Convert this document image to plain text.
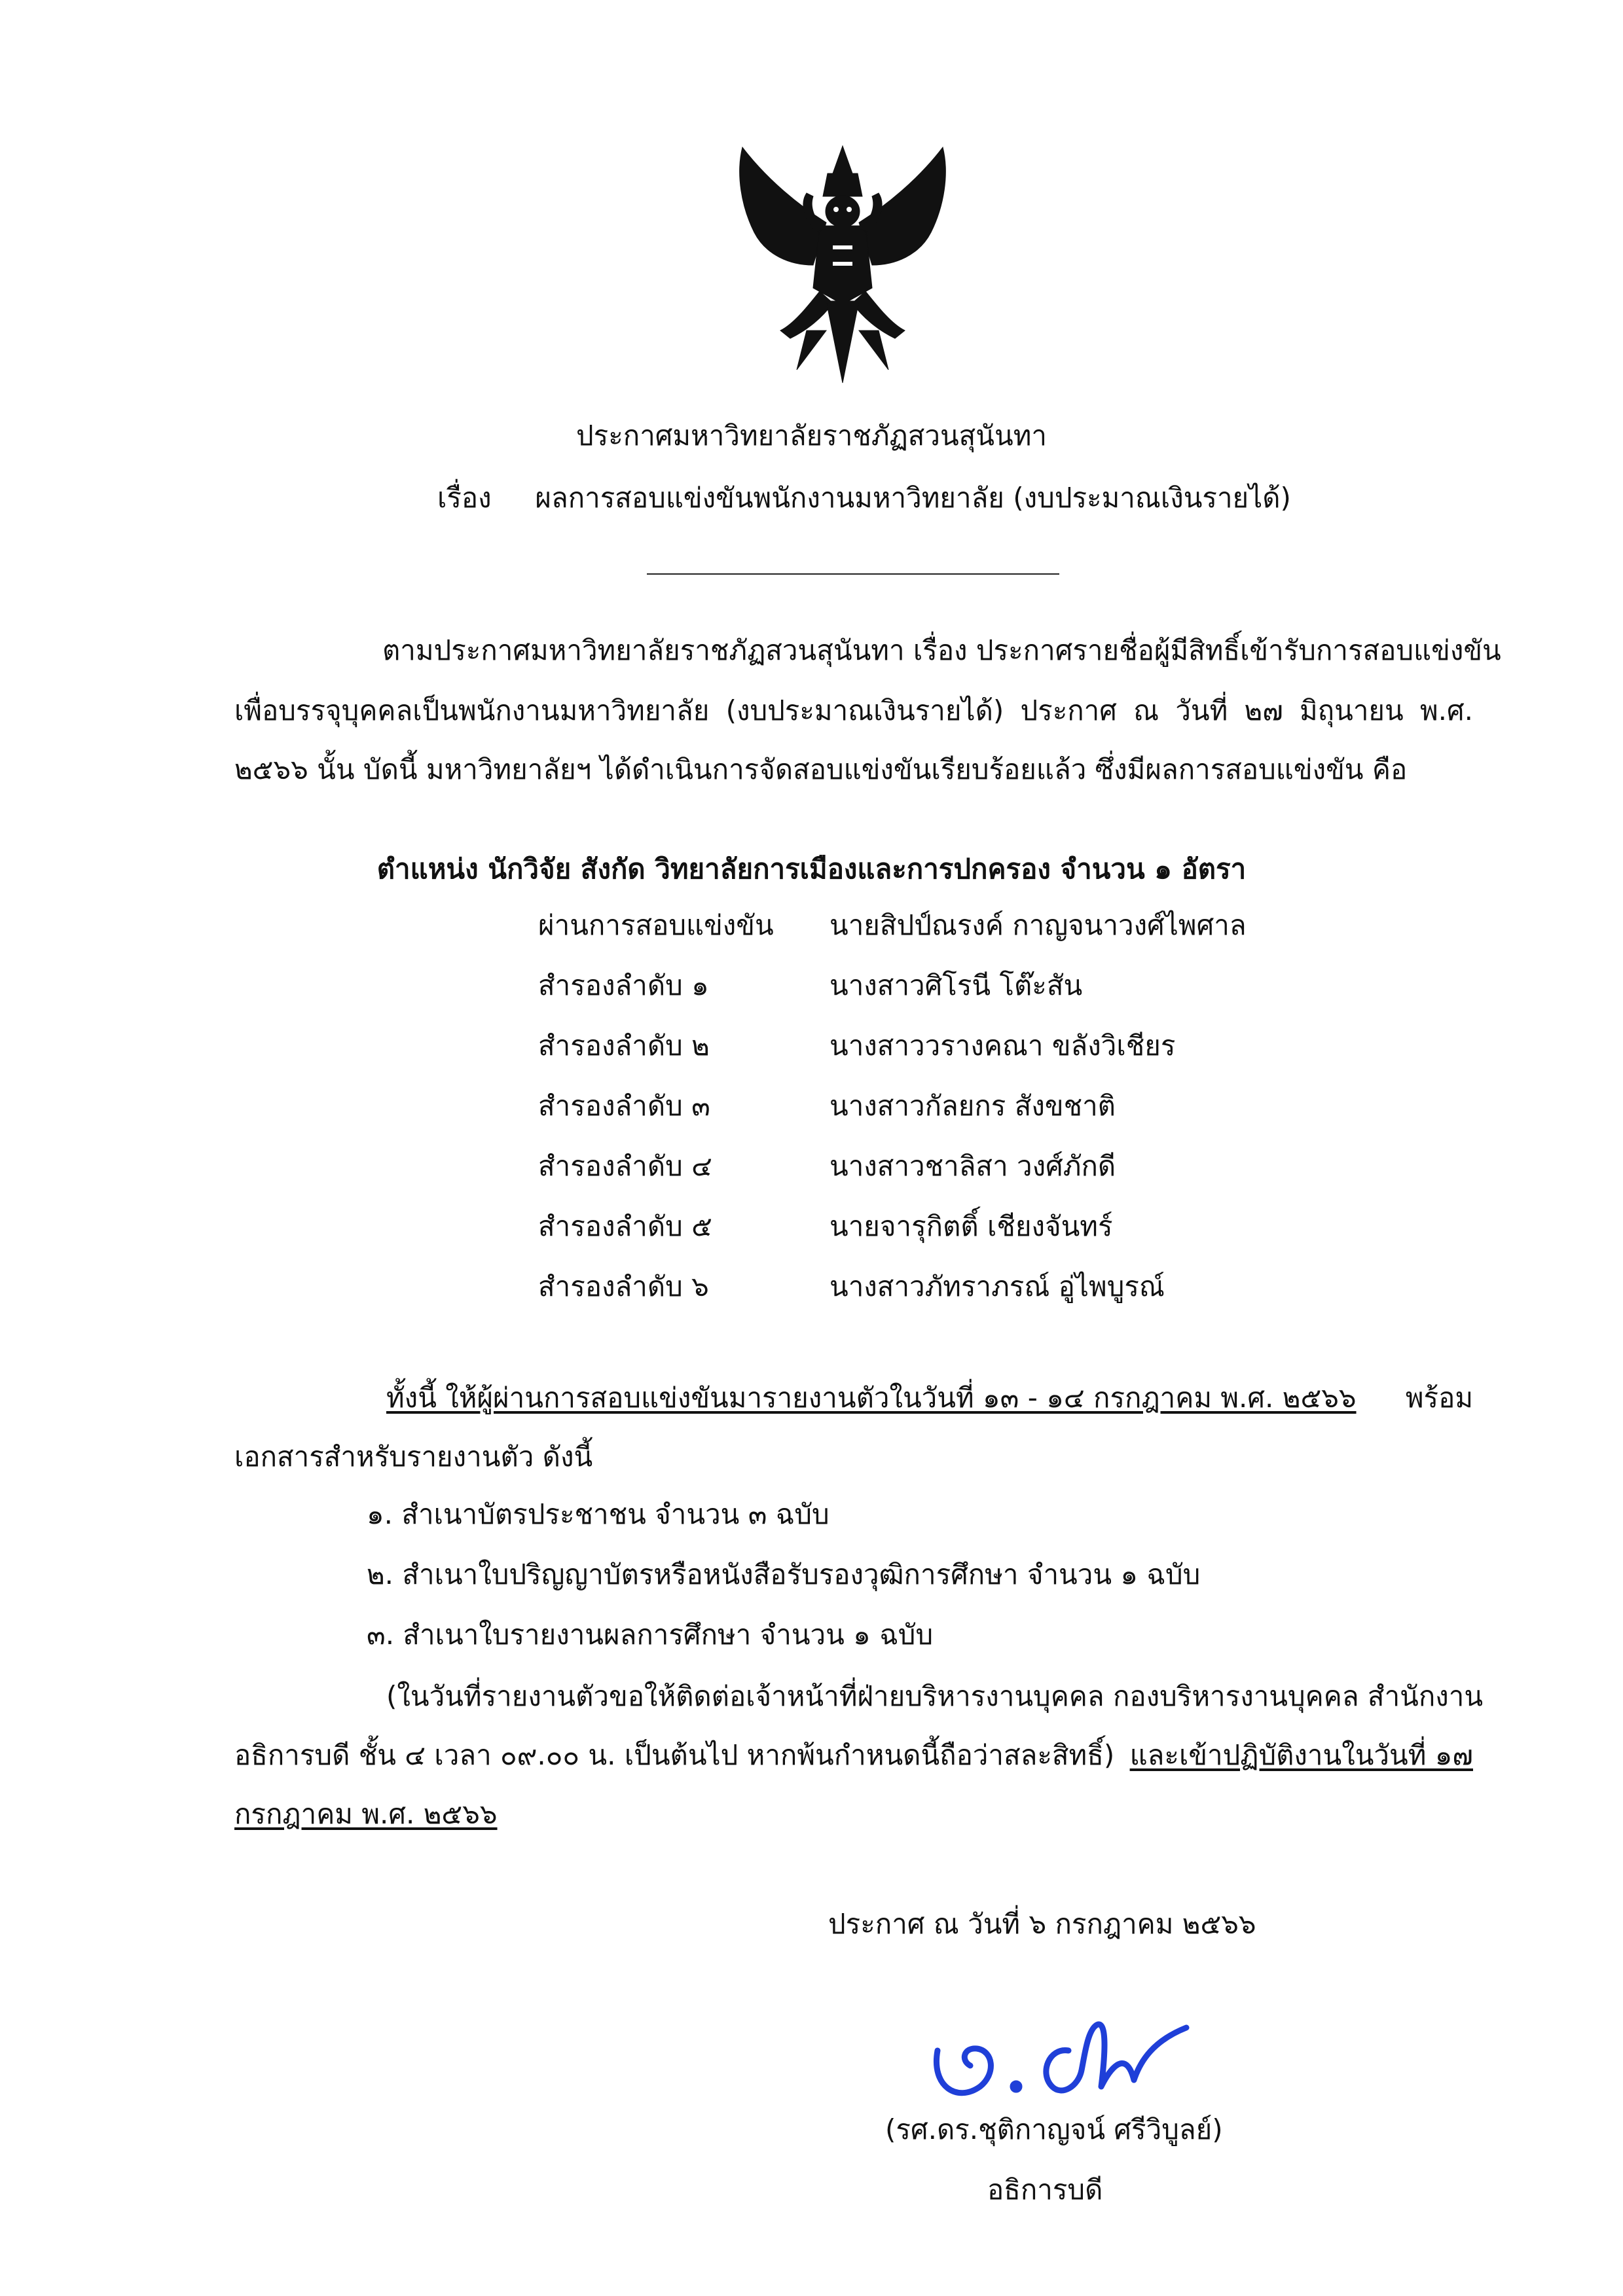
ประกาศมหาวิทยาลัยราชภัฏสวนสุนันทา
เรื่อง ผลการสอบแข่งขันพนักงานมหาวิทยาลัย (งบประมาณเงินรายได้)
ตามประกาศมหาวิทยาลัยราชภัฏสวนสุนันทา เรื่อง ประกาศรายชื่อผู้มีสิทธิ์เข้ารับการสอบแข่งขัน
เพื่อบรรจุบุคคลเป็นพนักงานมหาวิทยาลัย (งบประมาณเงินรายได้) ประกาศ ณ วันที่ ๒๗ มิถุนายน พ.ศ.
๒๕๖๖ นั้น บัดนี้ มหาวิทยาลัยฯ ได้ดำเนินการจัดสอบแข่งขันเรียบร้อยแล้ว ซึ่งมีผลการสอบแข่งขัน คือ
ตำแหน่ง นักวิจัย สังกัด วิทยาลัยการเมืองและการปกครอง จำนวน ๑ อัตรา
ผ่านการสอบแข่งขัน นายสิปป์ณรงค์ กาญจนาวงศ์ไพศาล
สำรองลำดับ ๑	นางสาวศิโรนี โต๊ะสัน
สำรองลำดับ ๒	นางสาววรางคณา ขลังวิเชียร
สำรองลำดับ ๓	นางสาวกัลยกร สังขชาติ
สำรองลำดับ ๔	นางสาวชาลิสา วงศ์ภักดี
สำรองลำดับ ๕	นายจารุกิตติ์ เชียงจันทร์
สำรองลำดับ ๖	นางสาวภัทราภรณ์ อู่ไพบูรณ์
ทั้งนี้ ให้ผู้ผ่านการสอบแข่งขันมารายงานตัวในวันที่ ๑๓ - ๑๔ กรกฎาคม พ.ศ. ๒๕๖๖ พร้อม
เอกสารสำหรับรายงานตัว ดังนี้
๑. สำเนาบัตรประชาชน จำนวน ๓ ฉบับ
๒. สำเนาใบปริญญาบัตรหรือหนังสือรับรองวุฒิการศึกษา จำนวน ๑ ฉบับ
๓. สำเนาใบรายงานผลการศึกษา จำนวน ๑ ฉบับ
(ในวันที่รายงานตัวขอให้ติดต่อเจ้าหน้าที่ฝ่ายบริหารงานบุคคล กองบริหารงานบุคคล สำนักงาน
อธิการบดี ชั้น ๔ เวลา ๐๙.๐๐ น. เป็นต้นไป หากพ้นกำหนดนี้ถือว่าสละสิทธิ์) และเข้าปฏิบัติงานในวันที่ ๑๗
กรกฎาคม พ.ศ. ๒๕๖๖
ประกาศ ณ วันที่ ๖ กรกฎาคม ๒๕๖๖
(รศ.ดร.ชุติกาญจน์ ศรีวิบูลย์)
อธิการบดี
